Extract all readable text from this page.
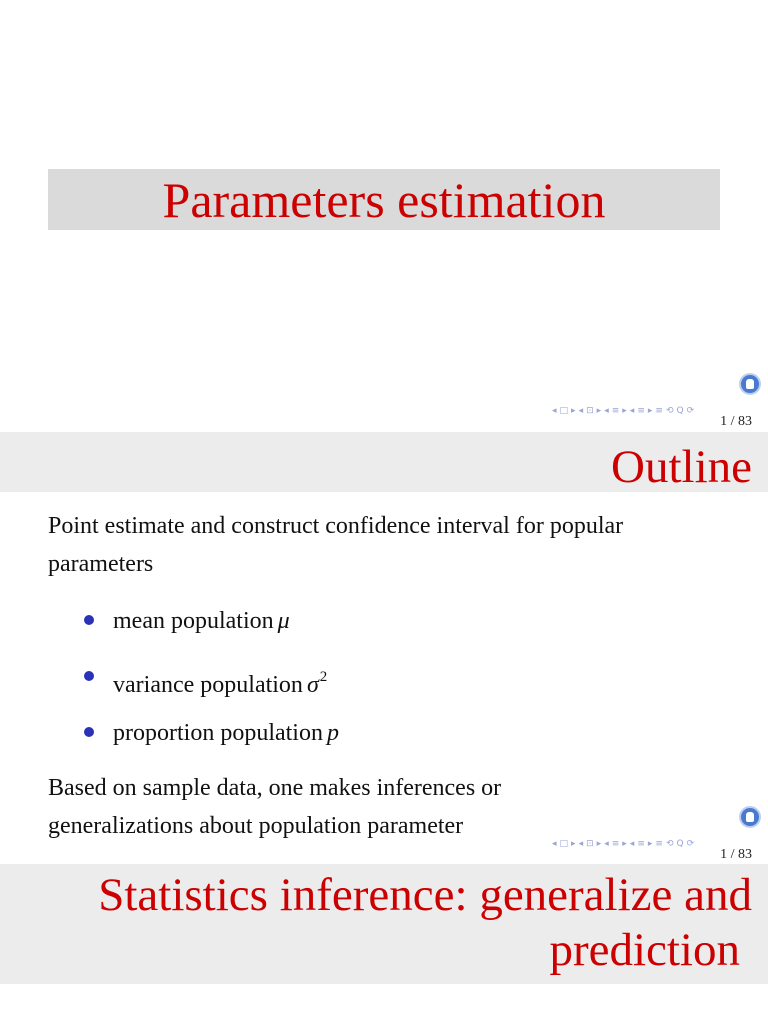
Parameters estimation
◂ □ ▸ ◂ ⊡ ▸ ◂ ≡ ▸ ◂ ≡ ▸ ≡ ⟲ Q ⟳
1 / 83
Outline
Point estimate and construct confidence interval for popular parameters
mean population μ
variance population $\sigma^2$
proportion population p
Based on sample data, one makes inferences or generalizations about population parameter
◂ □ ▸ ◂ ⊡ ▸ ◂ ≡ ▸ ◂ ≡ ▸ ≡ ⟲ Q ⟳
1 / 83
Statistics inference: generalize and
prediction
